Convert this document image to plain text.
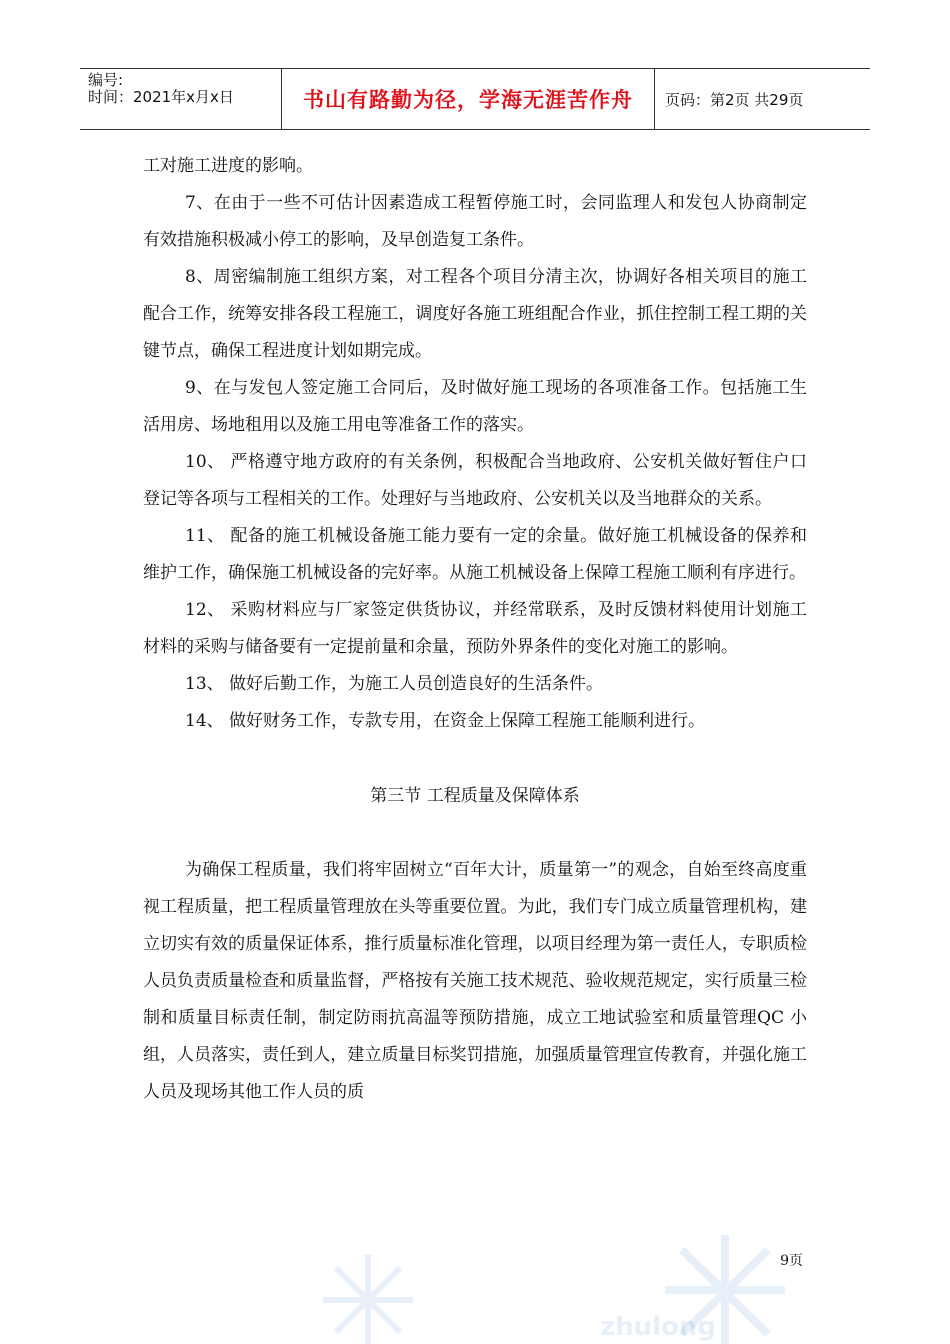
编号:
时间：2021年x月x日	书山有路勤为径，学海无涯苦作舟	页码：第2页 共29页

工对施工进度的影响。

7、在由于一些不可估计因素造成工程暂停施工时，会同监理人和发包人协商制定有效措施积极减小停工的影响，及早创造复工条件。

8、周密编制施工组织方案，对工程各个项目分清主次，协调好各相关项目的施工配合工作，统筹安排各段工程施工，调度好各施工班组配合作业，抓住控制工程工期的关键节点，确保工程进度计划如期完成。

9、在与发包人签定施工合同后，及时做好施工现场的各项准备工作。包括施工生活用房、场地租用以及施工用电等准备工作的落实。

10、 严格遵守地方政府的有关条例，积极配合当地政府、公安机关做好暂住户口登记等各项与工程相关的工作。处理好与当地政府、公安机关以及当地群众的关系。

11、 配备的施工机械设备施工能力要有一定的余量。做好施工机械设备的保养和维护工作，确保施工机械设备的完好率。从施工机械设备上保障工程施工顺利有序进行。

12、 采购材料应与厂家签定供货协议，并经常联系，及时反馈材料使用计划施工材料的采购与储备要有一定提前量和余量，预防外界条件的变化对施工的影响。

13、 做好后勤工作，为施工人员创造良好的生活条件。

14、 做好财务工作，专款专用，在资金上保障工程施工能顺利进行。

第三节 工程质量及保障体系

为确保工程质量，我们将牢固树立“百年大计，质量第一”的观念，自始至终高度重视工程质量，把工程质量管理放在头等重要位置。为此，我们专门成立质量管理机构，建立切实有效的质量保证体系，推行质量标准化管理，以项目经理为第一责任人，专职质检人员负责质量检查和质量监督，严格按有关施工技术规范、验收规范规定，实行质量三检制和质量目标责任制，制定防雨抗高温等预防措施，成立工地试验室和质量管理QC 小组，人员落实，责任到人，建立质量目标奖罚措施，加强质量管理宣传教育，并强化施工人员及现场其他工作人员的质

9页
zhulong
